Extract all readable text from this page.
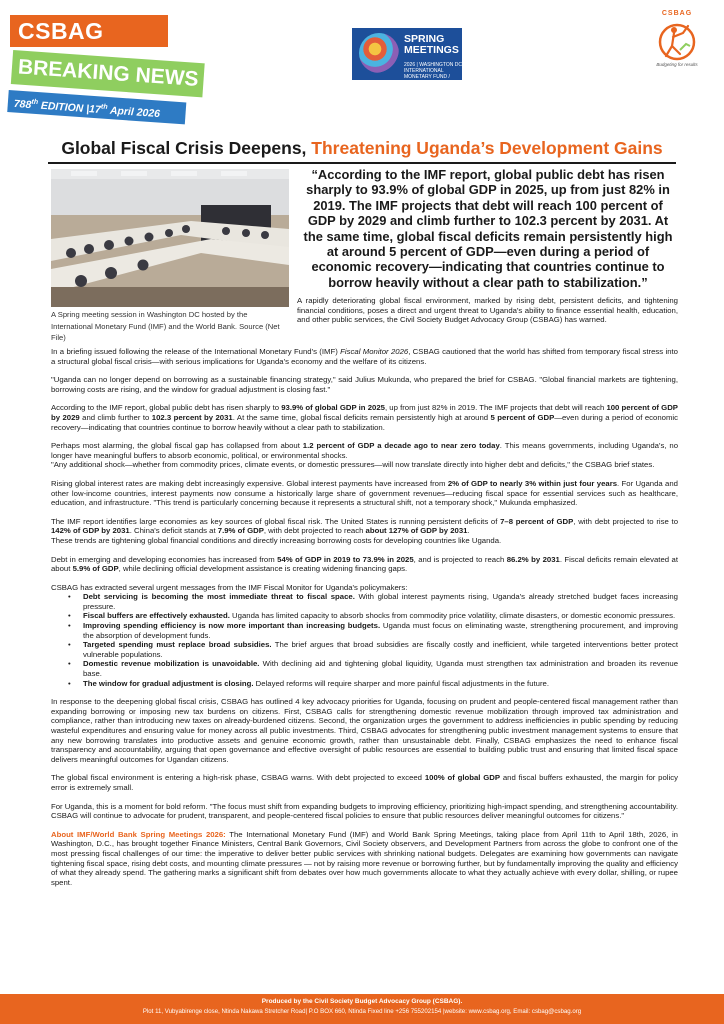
CSBAG
BREAKING NEWS
788th EDITION |17th April 2026
SPRING
MEETINGS
2026 | WASHINGTON DC
INTERNATIONAL MONETARY FUND / WORLD BANK GROUP
CSBAG
Budgeting for results
Global Fiscal Crisis Deepens, Threatening Uganda’s Development Gains
A Spring meeting session in Washington DC hosted by the International Monetary Fund (IMF) and the World Bank. Source (Net File)
“According to the IMF report, global public debt has risen sharply to 93.9% of global GDP in 2025, up from just 82% in 2019. The IMF projects that debt will reach 100 percent of GDP by 2029 and climb further to 102.3 percent by 2031. At the same time, global fiscal deficits remain persistently high at around 5 percent of GDP—even during a period of economic recovery—indicating that countries continue to borrow heavily without a clear path to stabilization.”
A rapidly deteriorating global fiscal environment, marked by rising debt, persistent deficits, and tightening financial conditions, poses a direct and urgent threat to Uganda's ability to finance essential health, education, and other public services, the Civil Society Budget Advocacy Group (CSBAG) has warned.

In a briefing issued following the release of the International Monetary Fund's (IMF) Fiscal Monitor 2026, CSBAG cautioned that the world has shifted from temporary fiscal stress into a structural global fiscal crisis—with serious implications for Uganda's economy and the welfare of its citizens.

"Uganda can no longer depend on borrowing as a sustainable financing strategy," said Julius Mukunda, who prepared the brief for CSBAG. "Global financial markets are tightening, borrowing costs are rising, and the window for gradual adjustment is closing fast."

According to the IMF report, global public debt has risen sharply to 93.9% of global GDP in 2025, up from just 82% in 2019. The IMF projects that debt will reach 100 percent of GDP by 2029 and climb further to 102.3 percent by 2031. At the same time, global fiscal deficits remain persistently high at around 5 percent of GDP—even during a period of economic recovery—indicating that countries continue to borrow heavily without a clear path to stabilization.

Perhaps most alarming, the global fiscal gap has collapsed from about 1.2 percent of GDP a decade ago to near zero today. This means governments, including Uganda's, no longer have meaningful buffers to absorb economic, political, or environmental shocks.

"Any additional shock—whether from commodity prices, climate events, or domestic pressures—will now translate directly into higher debt and deficits," the CSBAG brief states.

Rising global interest rates are making debt increasingly expensive. Global interest payments have increased from 2% of GDP to nearly 3% within just four years. For Uganda and other low-income countries, interest payments now consume a historically large share of government revenues—reducing fiscal space for essential services such as healthcare, education, and infrastructure. "This trend is particularly concerning because it represents a structural shift, not a temporary shock," Mukunda emphasized.

The IMF report identifies large economies as key sources of global fiscal risk. The United States is running persistent deficits of 7–8 percent of GDP, with debt projected to rise to 142% of GDP by 2031. China's deficit stands at 7.9% of GDP, with debt projected to reach about 127% of GDP by 2031.

These trends are tightening global financial conditions and directly increasing borrowing costs for developing countries like Uganda.

Debt in emerging and developing economies has increased from 54% of GDP in 2019 to 73.9% in 2025, and is projected to reach 86.2% by 2031. Fiscal deficits remain elevated at about 5.9% of GDP, while declining official development assistance is creating widening financing gaps.

CSBAG has extracted several urgent messages from the IMF Fiscal Monitor for Uganda's policymakers:

• Debt servicing is becoming the most immediate threat to fiscal space. With global interest payments rising, Uganda's already stretched budget faces increasing pressure.
• Fiscal buffers are effectively exhausted. Uganda has limited capacity to absorb shocks from commodity price volatility, climate disasters, or domestic economic pressures.
• Improving spending efficiency is now more important than increasing budgets. Uganda must focus on eliminating waste, strengthening procurement, and improving the absorption of development funds.
• Targeted spending must replace broad subsidies. The brief argues that broad subsidies are fiscally costly and inefficient, while targeted interventions better protect vulnerable populations.
• Domestic revenue mobilization is unavoidable. With declining aid and tightening global liquidity, Uganda must strengthen tax administration and broaden its revenue base.
• The window for gradual adjustment is closing. Delayed reforms will require sharper and more painful fiscal adjustments in the future.

In response to the deepening global fiscal crisis, CSBAG has outlined 4 key advocacy priorities for Uganda, focusing on prudent and people-centered fiscal management rather than expanding borrowing or imposing new tax burdens on citizens. First, CSBAG calls for strengthening domestic revenue mobilization through improved tax administration and compliance, rather than introducing new taxes on already-burdened citizens. Second, the organization urges the government to address inefficiencies in public spending by reducing wasteful expenditures and ensuring value for money across all public investments. Third, CSBAG advocates for strengthening public investment management systems to ensure that any new borrowing translates into productive assets and genuine economic growth, rather than unsustainable debt. Finally, CSBAG emphasizes the need to enhance fiscal transparency and accountability, arguing that open governance and effective oversight of public resources are essential to building public trust and ensuring that limited fiscal space delivers meaningful outcomes for Ugandan citizens.

The global fiscal environment is entering a high-risk phase, CSBAG warns. With debt projected to exceed 100% of global GDP and fiscal buffers exhausted, the margin for policy error is extremely small.

For Uganda, this is a moment for bold reform. "The focus must shift from expanding budgets to improving efficiency, prioritizing high-impact spending, and strengthening accountability. CSBAG will continue to advocate for prudent, transparent, and people-centered fiscal policies to ensure that public resources deliver meaningful outcomes for citizens."

About IMF/World Bank Spring Meetings 2026: The International Monetary Fund (IMF) and World Bank Spring Meetings, taking place from April 11th to April 18th, 2026, in Washington, D.C., has brought together Finance Ministers, Central Bank Governors, Civil Society observers, and Development Partners from across the globe to confront one of the most pressing fiscal challenges of our time: the imperative to deliver better public services with shrinking national budgets. Delegates are examining how governments can navigate tightening fiscal space, rising debt costs, and mounting climate pressures — not by raising more revenue or borrowing further, but by fundamentally improving the quality and efficiency of what they already spend. The gathering marks a significant shift from debates over how much governments allocate to what they actually achieve with every dollar, shilling, or rupee spent.

Produced by the Civil Society Budget Advocacy Group (CSBAG).
Plot 11, Vubyabirenge close, Ntinda Nakawa Stretcher Road| P.O BOX 660, Ntinda Fixed line +256 755202154 |website: www.csbag.org, Email: csbag@csbag.org
